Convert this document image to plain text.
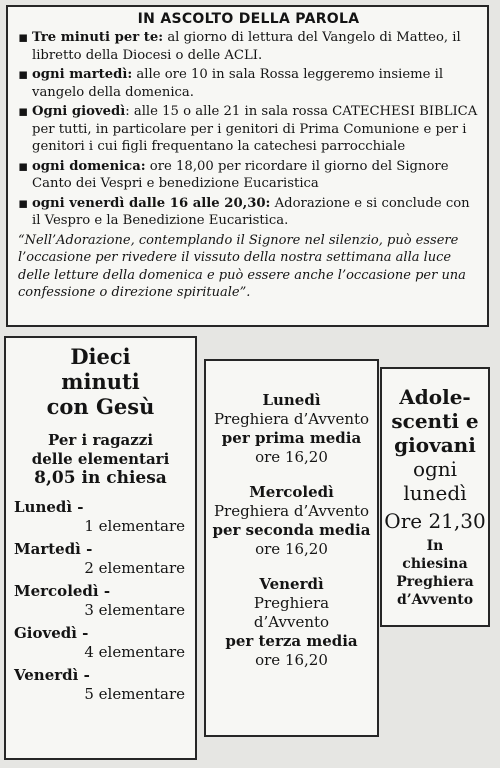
IN ASCOLTO DELLA PAROLA
▪ Tre minuti per te: al giorno di lettura del Vangelo di Matteo, il libretto della Diocesi o delle ACLI.
▪ ogni martedì: alle ore 10 in sala Rossa leggeremo insieme il vangelo della domenica.
▪ Ogni giovedì: alle 15 o alle 21 in sala rossa CATECHESI BIBLICA per tutti, in particolare per i genitori di Prima Comunione e per i genitori i cui figli frequentano la catechesi parrocchiale
▪ ogni domenica: ore 18,00 per ricordare il giorno del Signore Canto dei Vespri e benedizione Eucaristica
▪ ogni venerdì dalle 16 alle 20,30: Adorazione e si conclude con il Vespro e la Benedizione Eucaristica.

“Nell’Adorazione, contemplando il Signore nel silenzio, può essere l’occasione per rivedere il vissuto della nostra settimana alla luce delle letture della domenica e può essere anche l’occasione per una confessione o direzione spirituale”.

Dieci

minuti

con Gesù

Per i ragazzi
delle elementari
8,05 in chiesa
Lunedì -
1 elementare
Martedì -
2 elementare
Mercoledì -
3 elementare
Giovedì -
4 elementare
Venerdì -
5 elementare
Lunedì
Preghiera d’Avvento
per prima media
ore 16,20
Mercoledì
Preghiera d’Avvento
per seconda media
ore 16,20
Venerdì
Preghiera
d’Avvento
per terza media
ore 16,20
Adole-
scenti e
giovani
ogni
lunedì
Ore 21,30
In
chiesina
Preghiera
d’Avvento
